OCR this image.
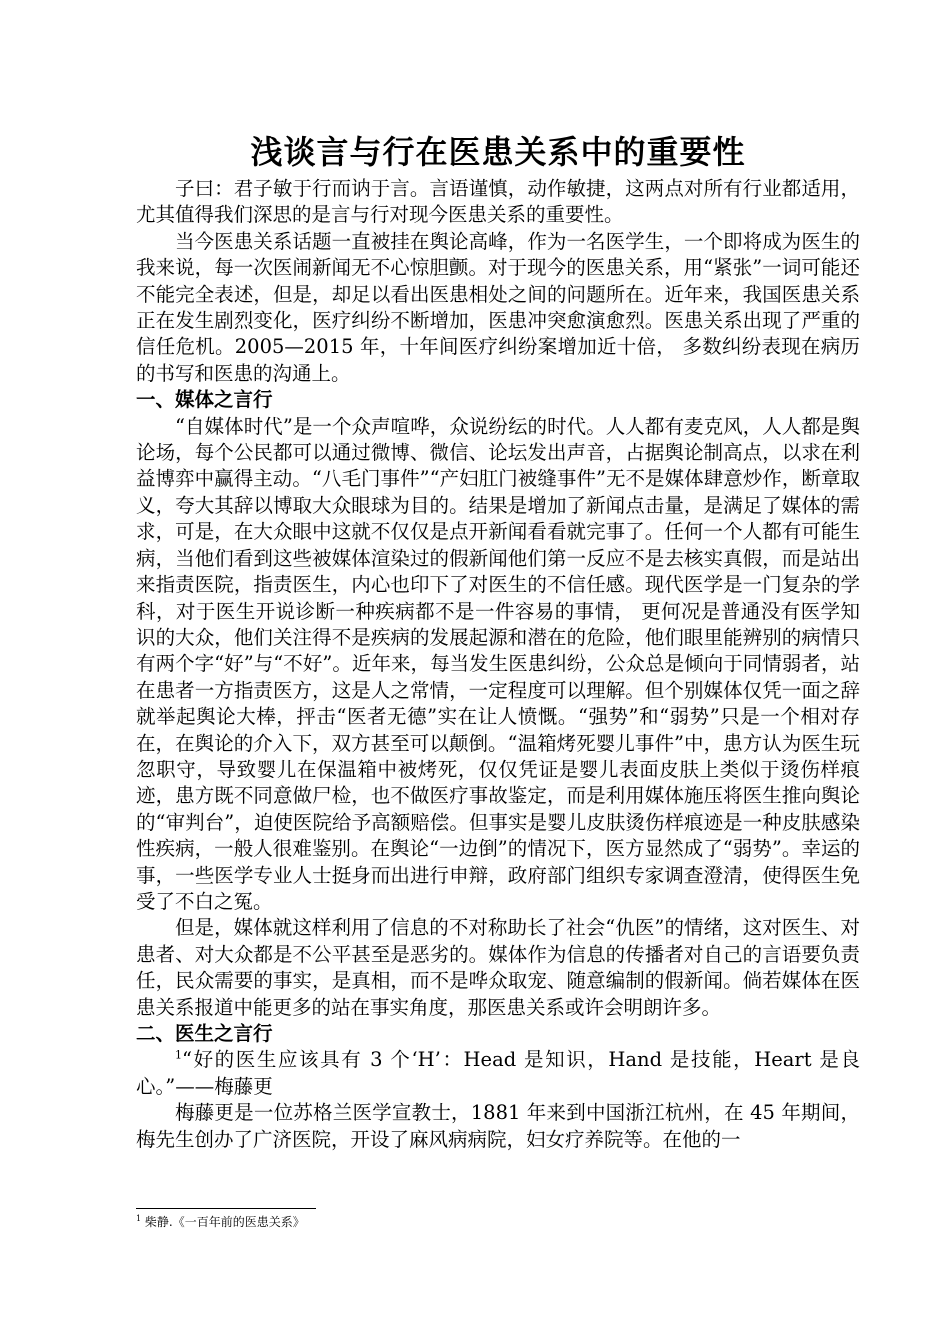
浅谈言与行在医患关系中的重要性

子曰：君子敏于行而讷于言。言语谨慎，动作敏捷，这两点对所有行业都适用， 尤其值得我们深思的是言与行对现今医患关系的重要性。

当今医患关系话题一直被挂在舆论高峰，作为一名医学生，一个即将成为医生的我来说，每一次医闹新闻无不心惊胆颤。对于现今的医患关系，用“紧张”一词可能还不能完全表述，但是，却足以看出医患相处之间的问题所在。近年来，我国医患关系正在发生剧烈变化，医疗纠纷不断增加，医患冲突愈演愈烈。医患关系出现了严重的信任危机。2005—2015 年，十年间医疗纠纷案增加近十倍， 多数纠纷表现在病历的书写和医患的沟通上。

一、媒体之言行

“自媒体时代”是一个众声喧哗，众说纷纭的时代。人人都有麦克风，人人都是舆论场，每个公民都可以通过微博、微信、论坛发出声音，占据舆论制高点，以求在利益博弈中赢得主动。“八毛门事件”“产妇肛门被缝事件”无不是媒体肆意炒作，断章取义，夸大其辞以博取大众眼球为目的。结果是增加了新闻点击量，是满足了媒体的需求，可是，在大众眼中这就不仅仅是点开新闻看看就完事了。任何一个人都有可能生病，当他们看到这些被媒体渲染过的假新闻他们第一反应不是去核实真假，而是站出来指责医院，指责医生，内心也印下了对医生的不信任感。现代医学是一门复杂的学科，对于医生开说诊断一种疾病都不是一件容易的事情， 更何况是普通没有医学知识的大众，他们关注得不是疾病的发展起源和潜在的危险，他们眼里能辨别的病情只有两个字“好”与“不好”。近年来，每当发生医患纠纷，公众总是倾向于同情弱者，站在患者一方指责医方，这是人之常情，一定程度可以理解。但个别媒体仅凭一面之辞就举起舆论大棒，抨击“医者无德”实在让人愤慨。“强势”和“弱势”只是一个相对存在，在舆论的介入下，双方甚至可以颠倒。“温箱烤死婴儿事件”中，患方认为医生玩忽职守，导致婴儿在保温箱中被烤死，仅仅凭证是婴儿表面皮肤上类似于烫伤样痕迹，患方既不同意做尸检，也不做医疗事故鉴定，而是利用媒体施压将医生推向舆论的“审判台”，迫使医院给予高额赔偿。但事实是婴儿皮肤烫伤样痕迹是一种皮肤感染性疾病，一般人很难鉴别。在舆论“一边倒”的情况下，医方显然成了“弱势”。幸运的事，一些医学专业人士挺身而出进行申辩，政府部门组织专家调查澄清，使得医生免受了不白之冤。

但是，媒体就这样利用了信息的不对称助长了社会“仇医”的情绪，这对医生、对患者、对大众都是不公平甚至是恶劣的。媒体作为信息的传播者对自己的言语要负责任，民众需要的事实，是真相，而不是哗众取宠、随意编制的假新闻。倘若媒体在医患关系报道中能更多的站在事实角度，那医患关系或许会明朗许多。

二、医生之言行

$^1$“好的医生应该具有 3 个‘H’：Head 是知识，Hand 是技能，Heart 是良心。”——梅藤更

梅藤更是一位苏格兰医学宣教士，1881 年来到中国浙江杭州，在 45 年期间，梅先生创办了广济医院，开设了麻风病病院，妇女疗养院等。在他的一

$^1$ 柴静.《一百年前的医患关系》
